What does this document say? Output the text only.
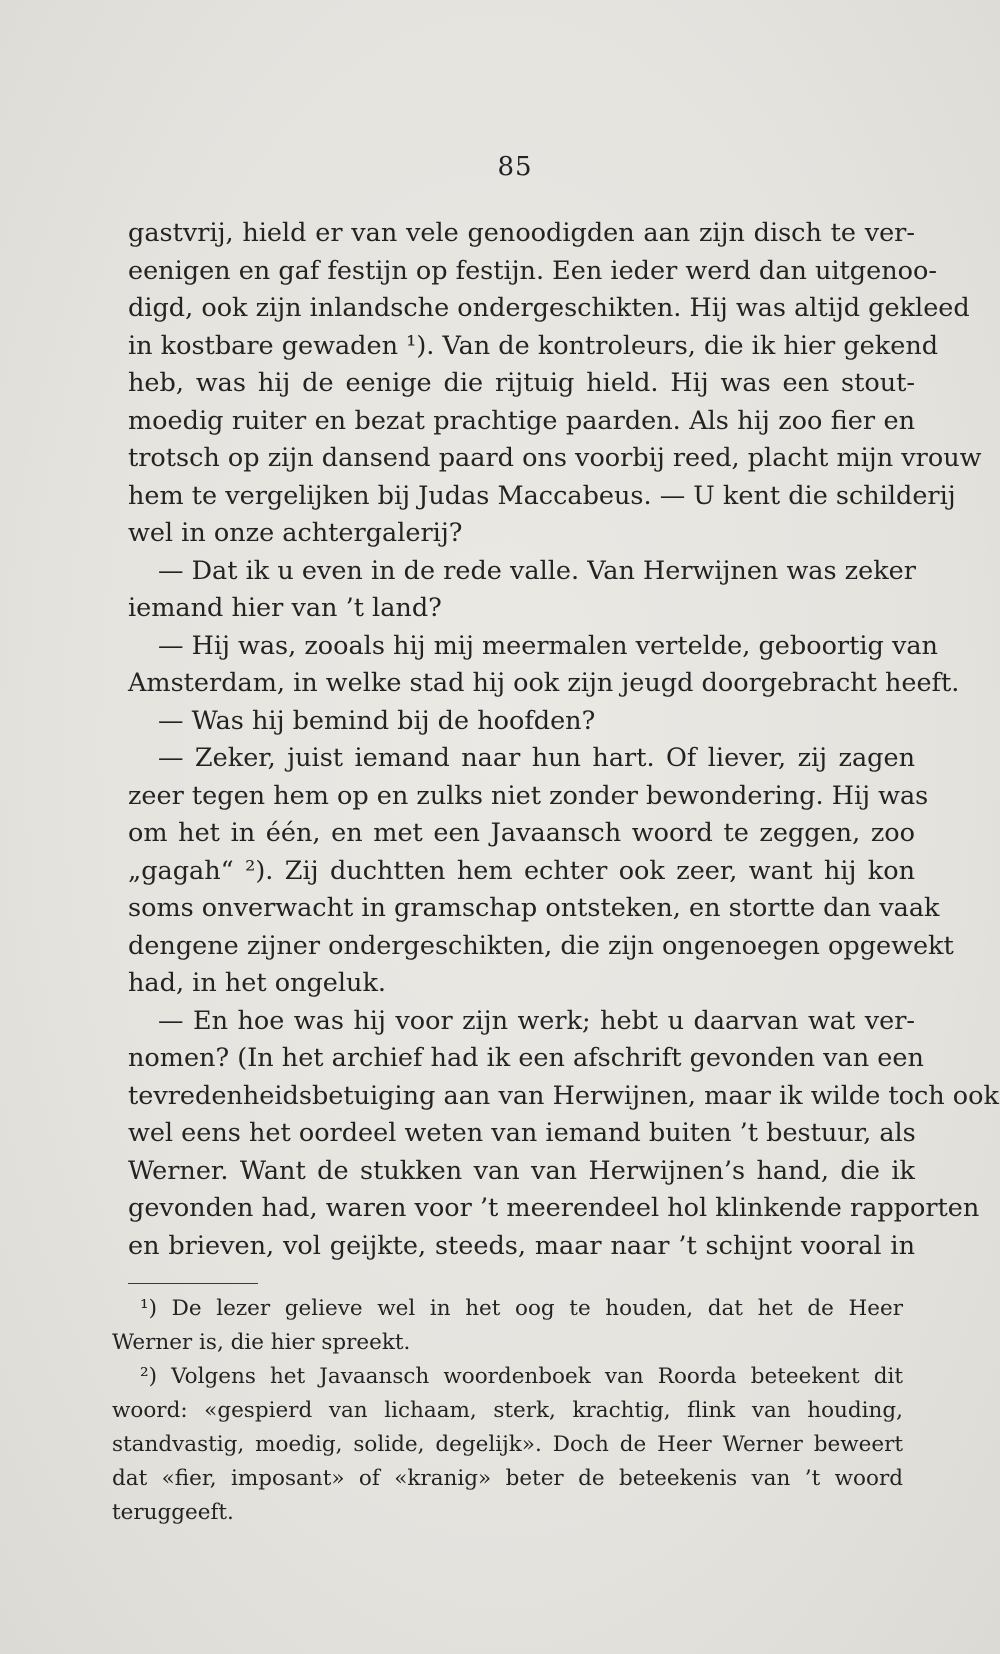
85
gastvrij, hield er van vele genoodigden aan zijn disch te ver-
eenigen en gaf festijn op festijn. Een ieder werd dan uitgenoo-
digd, ook zijn inlandsche ondergeschikten. Hij was altijd gekleed
in kostbare gewaden ¹). Van de kontroleurs, die ik hier gekend
heb, was hij de eenige die rijtuig hield. Hij was een stout-
moedig ruiter en bezat prachtige paarden. Als hij zoo fier en
trotsch op zijn dansend paard ons voorbij reed, placht mijn vrouw
hem te vergelijken bij Judas Maccabeus. — U kent die schilderij
wel in onze achtergalerij?
— Dat ik u even in de rede valle. Van Herwijnen was zeker
iemand hier van ’t land?
— Hij was, zooals hij mij meermalen vertelde, geboortig van
Amsterdam, in welke stad hij ook zijn jeugd doorgebracht heeft.
— Was hij bemind bij de hoofden?
— Zeker, juist iemand naar hun hart. Of liever, zij zagen
zeer tegen hem op en zulks niet zonder bewondering. Hij was
om het in één, en met een Javaansch woord te zeggen, zoo
„gagah“ ²). Zij duchtten hem echter ook zeer, want hij kon
soms onverwacht in gramschap ontsteken, en stortte dan vaak
dengene zijner ondergeschikten, die zijn ongenoegen opgewekt
had, in het ongeluk.
— En hoe was hij voor zijn werk; hebt u daarvan wat ver-
nomen? (In het archief had ik een afschrift gevonden van een
tevredenheidsbetuiging aan van Herwijnen, maar ik wilde toch ook
wel eens het oordeel weten van iemand buiten ’t bestuur, als
Werner. Want de stukken van van Herwijnen’s hand, die ik
gevonden had, waren voor ’t meerendeel hol klinkende rapporten
en brieven, vol geijkte, steeds, maar naar ’t schijnt vooral in
¹) De lezer gelieve wel in het oog te houden, dat het de Heer
Werner is, die hier spreekt.
²) Volgens het Javaansch woordenboek van Roorda beteekent dit
woord: «gespierd van lichaam, sterk, krachtig, flink van houding,
standvastig, moedig, solide, degelijk». Doch de Heer Werner beweert
dat «fier, imposant» of «kranig» beter de beteekenis van ’t woord
teruggeeft.
